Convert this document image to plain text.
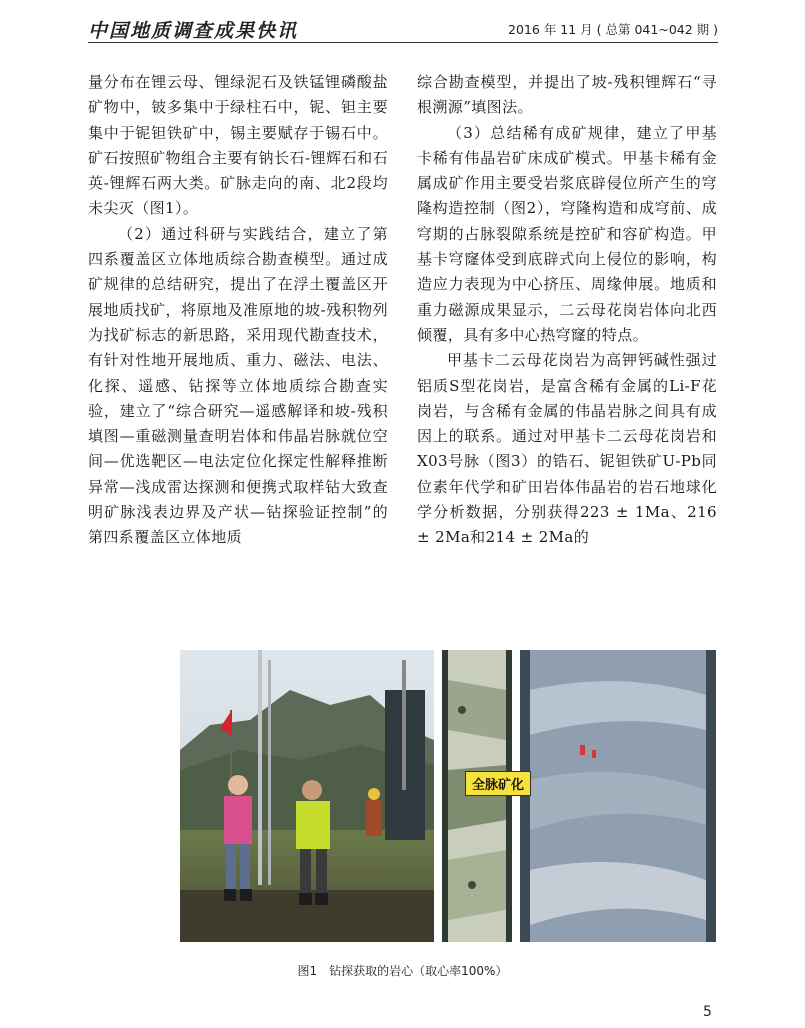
中国地质调查成果快讯	2016 年 11 月 ( 总第 041~042 期 )

量分布在锂云母、锂绿泥石及铁锰锂磷酸盐矿物中，铍多集中于绿柱石中，铌、钽主要集中于铌钽铁矿中，锡主要赋存于锡石中。矿石按照矿物组合主要有钠长石-锂辉石和石英-锂辉石两大类。矿脉走向的南、北2段均未尖灭（图1）。

（2）通过科研与实践结合，建立了第四系覆盖区立体地质综合勘查模型。通过成矿规律的总结研究，提出了在浮土覆盖区开展地质找矿，将原地及准原地的坡-残积物列为找矿标志的新思路，采用现代勘查技术，有针对性地开展地质、重力、磁法、电法、化探、遥感、钻探等立体地质综合勘查实验，建立了“综合研究—遥感解译和坡-残积填图—重磁测量查明岩体和伟晶岩脉就位空间—优选靶区—电法定位化探定性解释推断异常—浅成雷达探测和便携式取样钻大致查明矿脉浅表边界及产状—钻探验证控制”的第四系覆盖区立体地质

综合勘查模型，并提出了坡-残积锂辉石“寻根溯源”填图法。

（3）总结稀有成矿规律，建立了甲基卡稀有伟晶岩矿床成矿模式。甲基卡稀有金属成矿作用主要受岩浆底辟侵位所产生的穹隆构造控制（图2），穹隆构造和成穹前、成穹期的占脉裂隙系统是控矿和容矿构造。甲基卡穹窿体受到底辟式向上侵位的影响，构造应力表现为中心挤压、周缘伸展。地质和重力磁源成果显示，二云母花岗岩体向北西倾覆，具有多中心热穹窿的特点。

甲基卡二云母花岗岩为高钾钙碱性强过铝质S型花岗岩，是富含稀有金属的Li-F花岗岩，与含稀有金属的伟晶岩脉之间具有成因上的联系。通过对甲基卡二云母花岗岩和X03号脉（图3）的锆石、铌钽铁矿U-Pb同位素年代学和矿田岩体伟晶岩的岩石地球化学分析数据，分别获得223 ± 1Ma、216 ± 2Ma和214 ± 2Ma的

全脉矿化
图1　钻探获取的岩心（取心率100%）
5
